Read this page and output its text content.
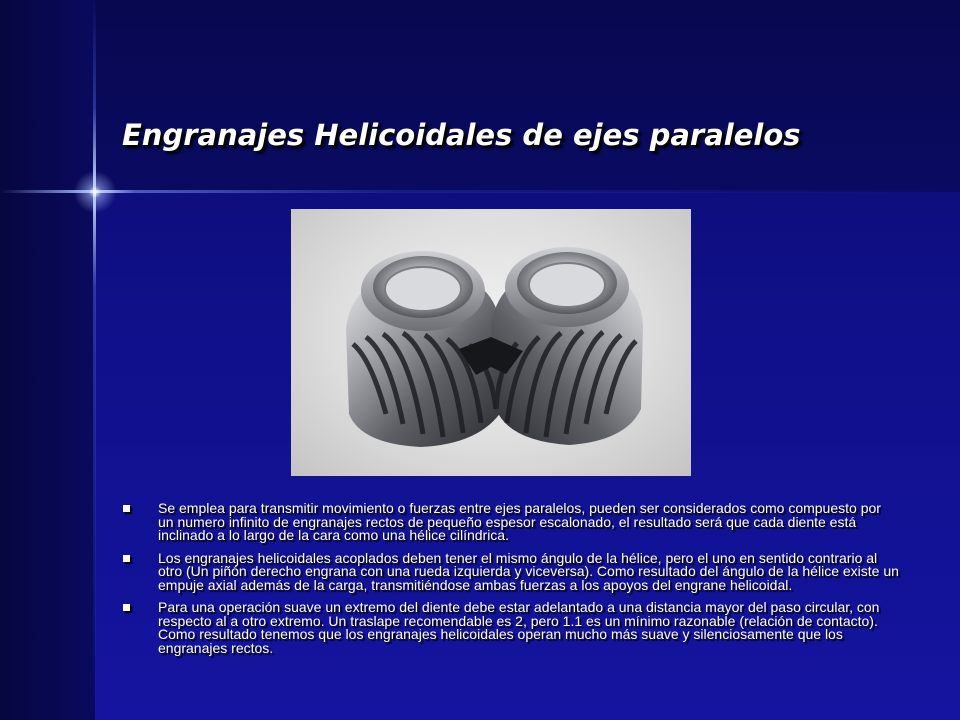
Engranajes Helicoidales de ejes paralelos
Se emplea para transmitir movimiento o fuerzas entre ejes paralelos, pueden ser considerados como compuesto por un numero infinito de engranajes rectos de pequeño espesor escalonado, el resultado será que cada diente está inclinado a lo largo de la cara como una hélice cilíndrica.
Los engranajes helicoidales acoplados deben tener el mismo ángulo de la hélice, pero el uno en sentido contrario al otro (Un piñón derecho engrana con una rueda izquierda y viceversa). Como resultado del ángulo de la hélice existe un empuje axial además de la carga, transmitiéndose ambas fuerzas a los apoyos del engrane helicoidal.
Para una operación suave un extremo del diente debe estar adelantado a una distancia mayor del paso circular, con respecto al a otro extremo. Un traslape recomendable es 2, pero 1.1 es un mínimo razonable (relación de contacto). Como resultado tenemos que los engranajes helicoidales operan mucho más suave y silenciosamente que los engranajes rectos.
